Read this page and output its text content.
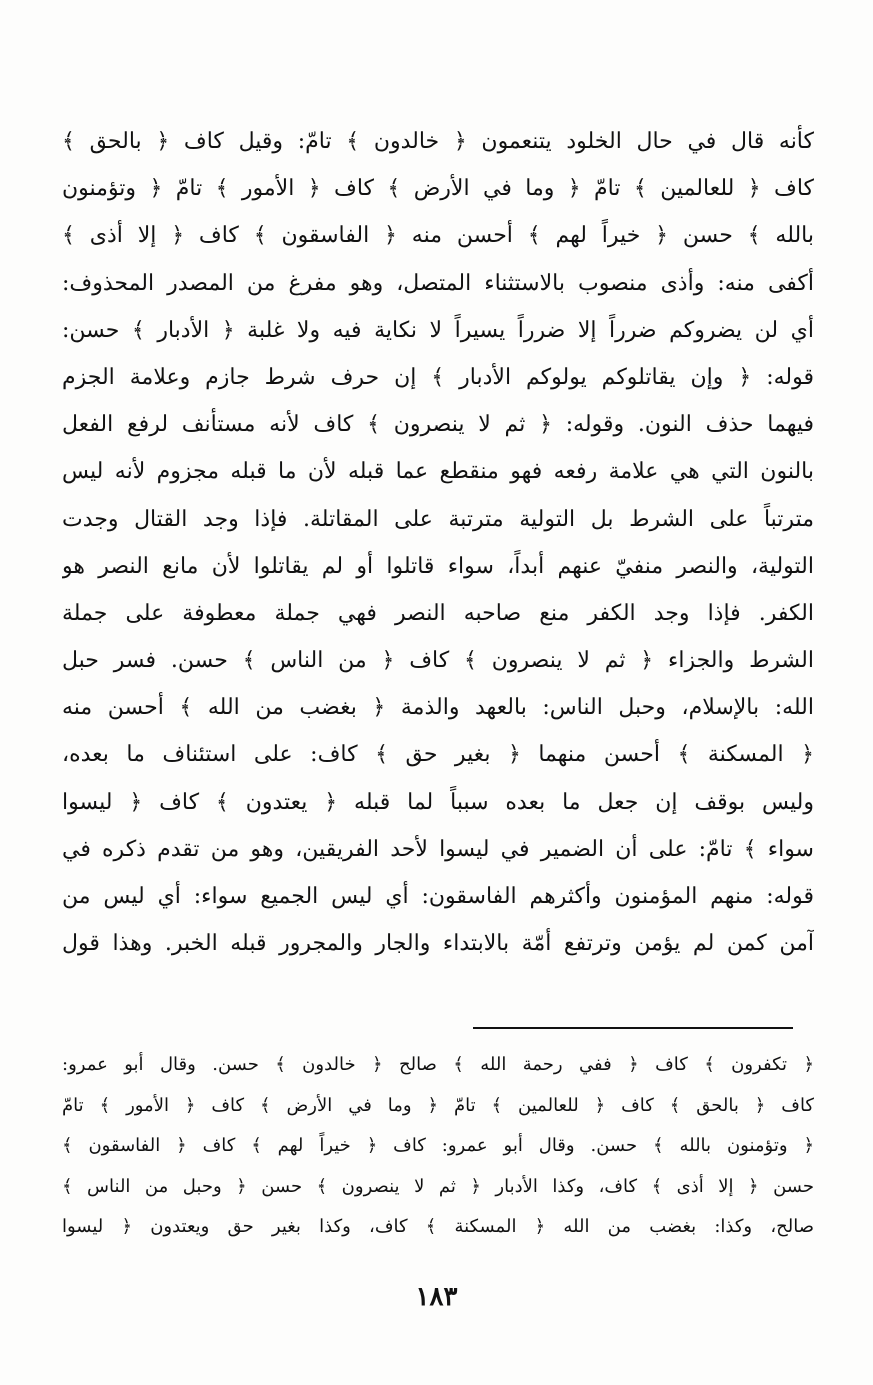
كأنه قال في حال الخلود يتنعمون ﴿ خالدون ﴾ تامّ: وقيل كاف ﴿ بالحق ﴾
كاف ﴿ للعالمين ﴾ تامّ ﴿ وما في الأرض ﴾ كاف ﴿ الأمور ﴾ تامّ ﴿ وتؤمنون
بالله ﴾ حسن ﴿ خيراً لهم ﴾ أحسن منه ﴿ الفاسقون ﴾ كاف ﴿ إلا أذى ﴾
أكفى منه: وأذى منصوب بالاستثناء المتصل، وهو مفرغ من المصدر المحذوف:
أي لن يضروكم ضرراً إلا ضرراً يسيراً لا نكاية فيه ولا غلبة ﴿ الأدبار ﴾ حسن:
قوله: ﴿ وإن يقاتلوكم يولوكم الأدبار ﴾ إن حرف شرط جازم وعلامة الجزم
فيهما حذف النون. وقوله: ﴿ ثم لا ينصرون ﴾ كاف لأنه مستأنف لرفع الفعل
بالنون التي هي علامة رفعه فهو منقطع عما قبله لأن ما قبله مجزوم لأنه ليس
مترتباً على الشرط بل التولية مترتبة على المقاتلة. فإذا وجد القتال وجدت
التولية، والنصر منفيّ عنهم أبداً، سواء قاتلوا أو لم يقاتلوا لأن مانع النصر هو
الكفر. فإذا وجد الكفر منع صاحبه النصر فهي جملة معطوفة على جملة
الشرط والجزاء ﴿ ثم لا ينصرون ﴾ كاف ﴿ من الناس ﴾ حسن. فسر حبل
الله: بالإسلام، وحبل الناس: بالعهد والذمة ﴿ بغضب من الله ﴾ أحسن منه
﴿ المسكنة ﴾ أحسن منهما ﴿ بغير حق ﴾ كاف: على استئناف ما بعده،
وليس بوقف إن جعل ما بعده سبباً لما قبله ﴿ يعتدون ﴾ كاف ﴿ ليسوا
سواء ﴾ تامّ: على أن الضمير في ليسوا لأحد الفريقين، وهو من تقدم ذكره في
قوله: منهم المؤمنون وأكثرهم الفاسقون: أي ليس الجميع سواء: أي ليس من
آمن كمن لم يؤمن وترتفع أمّة بالابتداء والجار والمجرور قبله الخبر. وهذا قول
﴿ تكفرون ﴾ كاف ﴿ ففي رحمة الله ﴾ صالح ﴿ خالدون ﴾ حسن. وقال أبو عمرو:
كاف ﴿ بالحق ﴾ كاف ﴿ للعالمين ﴾ تامّ ﴿ وما في الأرض ﴾ كاف ﴿ الأمور ﴾ تامّ
﴿ وتؤمنون بالله ﴾ حسن. وقال أبو عمرو: كاف ﴿ خيراً لهم ﴾ كاف ﴿ الفاسقون ﴾
حسن ﴿ إلا أذى ﴾ كاف، وكذا الأدبار ﴿ ثم لا ينصرون ﴾ حسن ﴿ وحبل من الناس ﴾
صالح، وكذا: بغضب من الله ﴿ المسكنة ﴾ كاف، وكذا بغير حق ويعتدون ﴿ ليسوا
١٨٣
